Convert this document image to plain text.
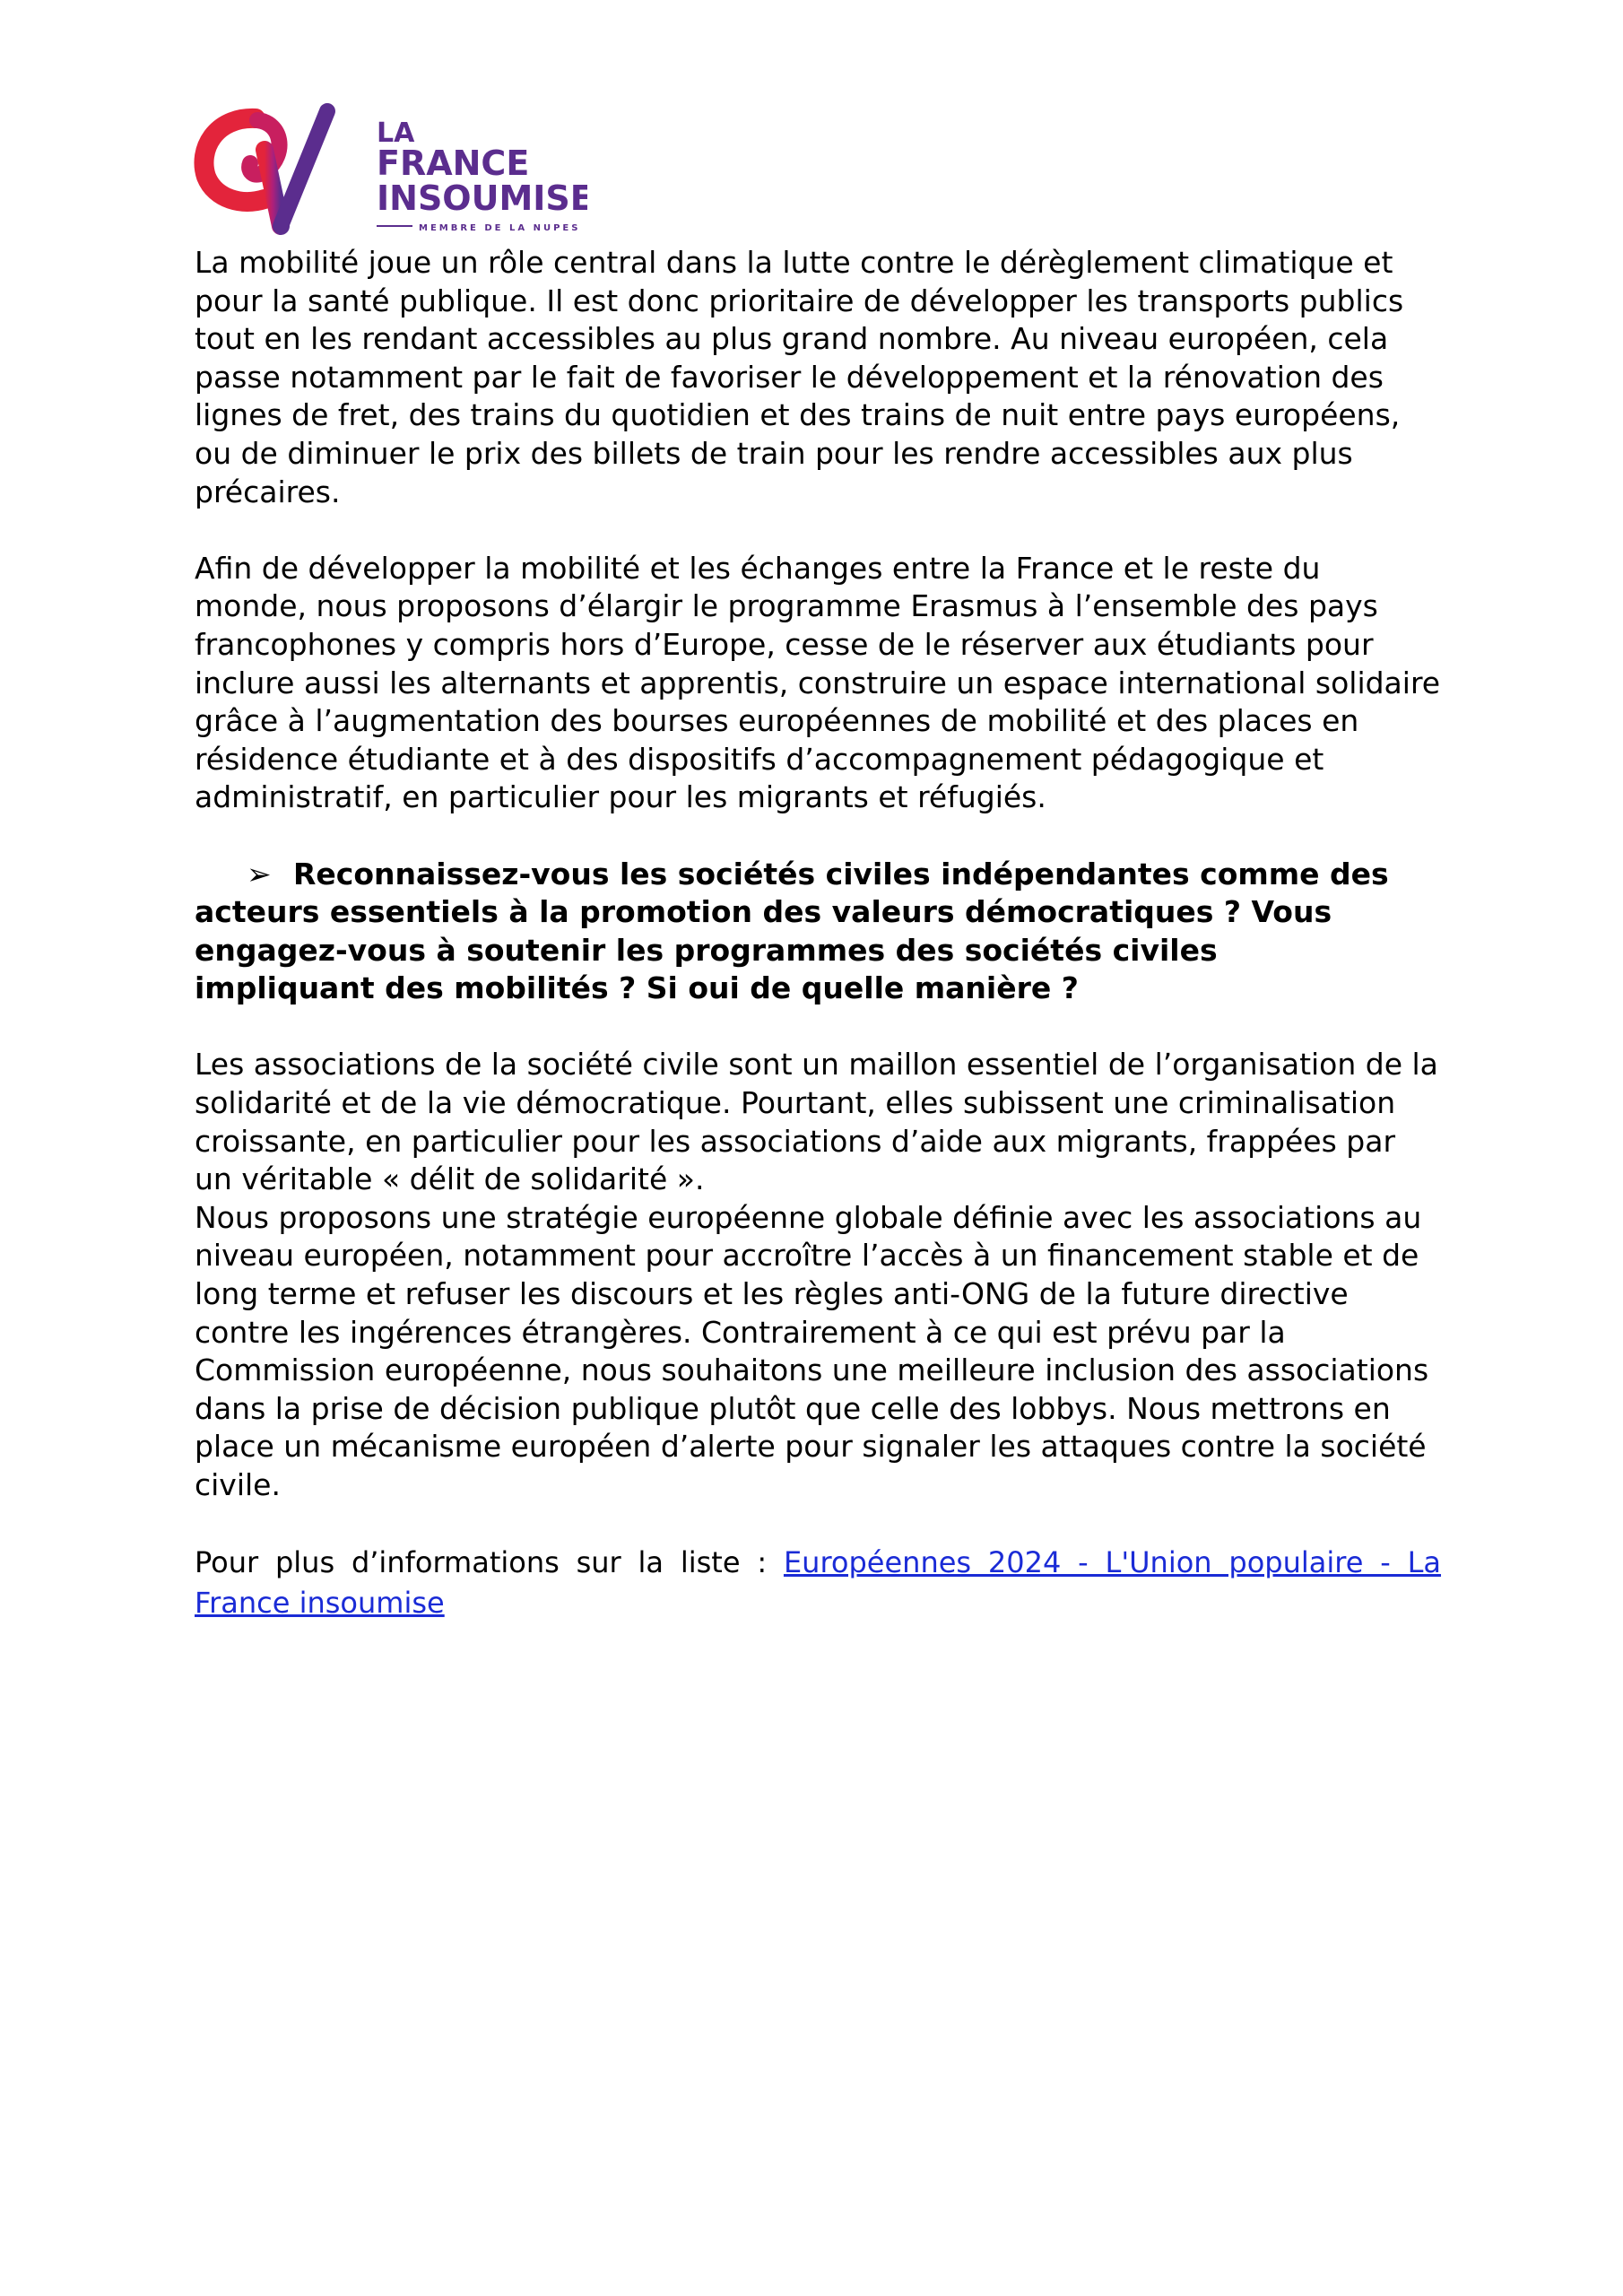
LA
FRANCE
INSOUMISE
MEMBRE DE LA NUPES

La mobilité joue un rôle central dans la lutte contre le dérèglement climatique et pour la santé publique. Il est donc prioritaire de développer les transports publics tout en les rendant accessibles au plus grand nombre. Au niveau européen, cela passe notamment par le fait de favoriser le développement et la rénovation des lignes de fret, des trains du quotidien et des trains de nuit entre pays européens, ou de diminuer le prix des billets de train pour les rendre accessibles aux plus précaires.

Afin de développer la mobilité et les échanges entre la France et le reste du monde, nous proposons d’élargir le programme Erasmus à l’ensemble des pays francophones y compris hors d’Europe, cesse de le réserver aux étudiants pour inclure aussi les alternants et apprentis, construire un espace international solidaire grâce à l’augmentation des bourses européennes de mobilité et des places en résidence étudiante et à des dispositifs d’accompagnement pédagogique et administratif, en particulier pour les migrants et réfugiés.

➢ Reconnaissez-vous les sociétés civiles indépendantes comme des
acteurs essentiels à la promotion des valeurs démocratiques ? Vous
engagez-vous à soutenir les programmes des sociétés civiles
impliquant des mobilités ? Si oui de quelle manière ?

Les associations de la société civile sont un maillon essentiel de l’organisation de la solidarité et de la vie démocratique. Pourtant, elles subissent une criminalisation croissante, en particulier pour les associations d’aide aux migrants, frappées par un véritable « délit de solidarité ».

Nous proposons une stratégie européenne globale définie avec les associations au niveau européen, notamment pour accroître l’accès à un financement stable et de long terme et refuser les discours et les règles anti-ONG de la future directive contre les ingérences étrangères. Contrairement à ce qui est prévu par la Commission européenne, nous souhaitons une meilleure inclusion des associations dans la prise de décision publique plutôt que celle des lobbys. Nous mettrons en place un mécanisme européen d’alerte pour signaler les attaques contre la société civile.

Pour plus d’informations sur la liste : Européennes 2024 - L'Union populaire - La France insoumise
